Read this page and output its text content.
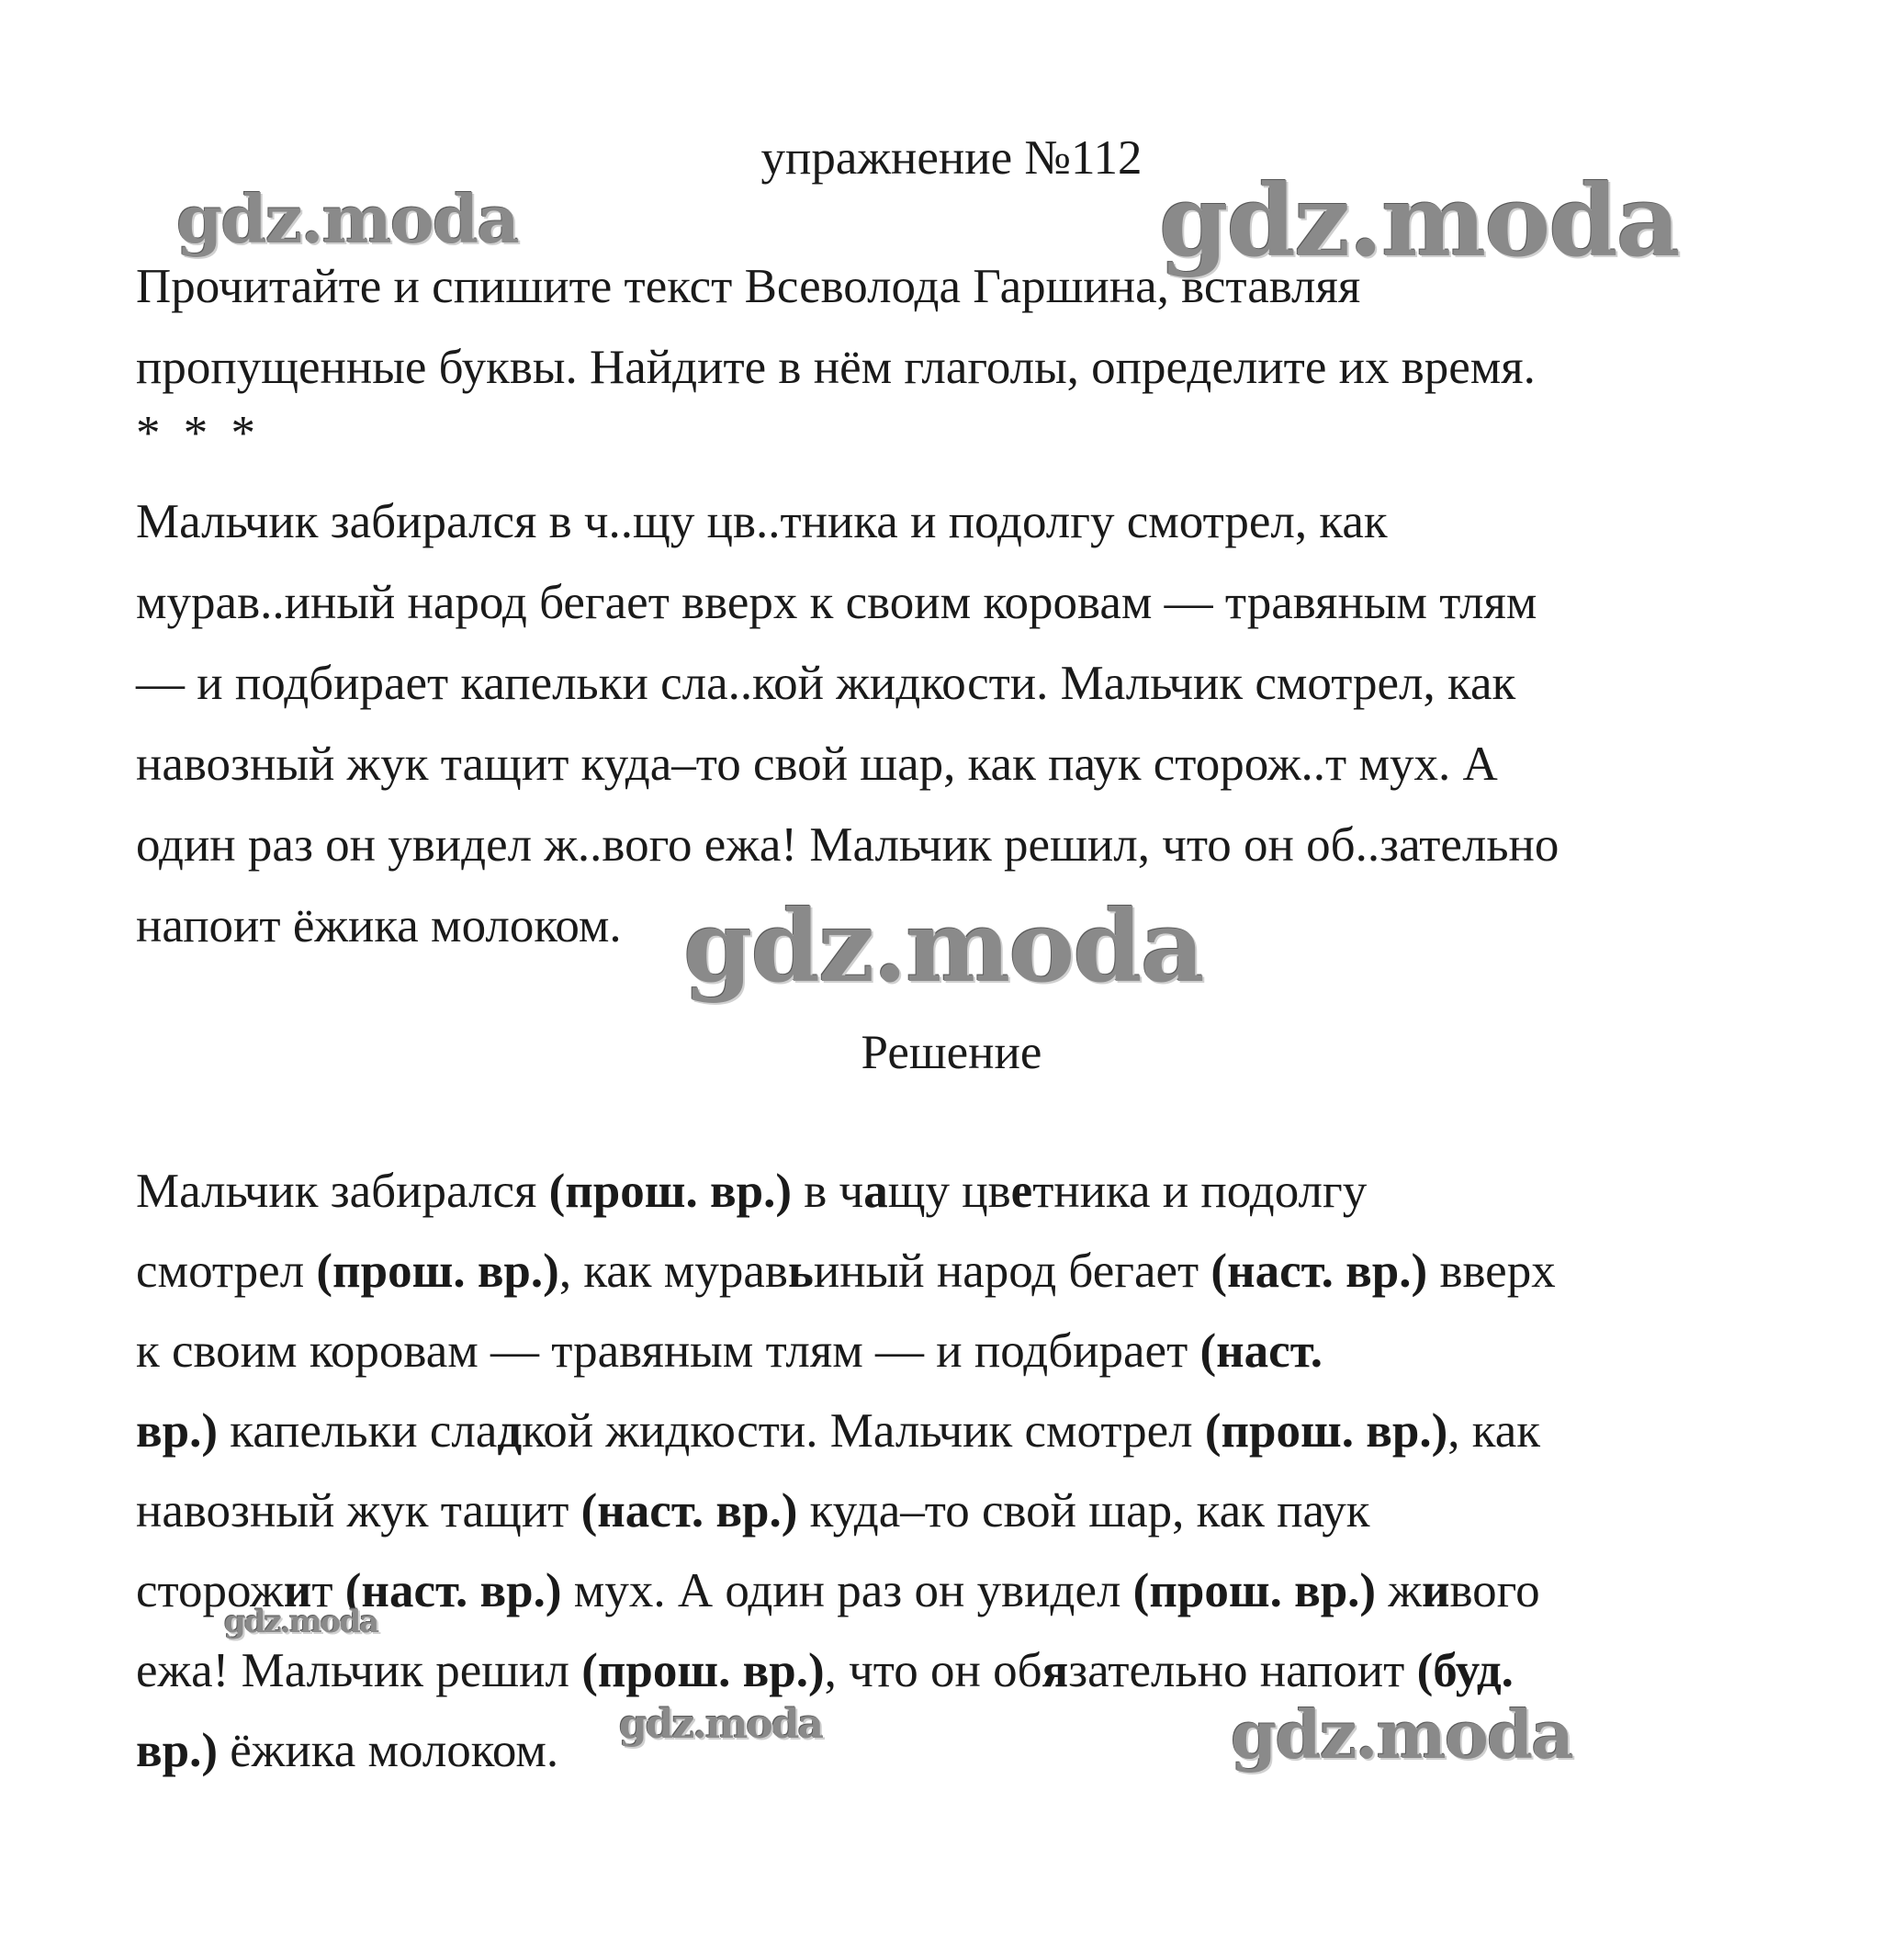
упражнение №112
Прочитайте и спишите текст Всеволода Гаршина, вставляя
пропущенные буквы. Найдите в нём глаголы, определите их время.
* * *
Мальчик забирался в ч..щу цв..тника и подолгу смотрел, как
мурав..иный народ бегает вверх к своим коровам — травяным тлям
— и подбирает капельки сла..кой жидкости. Мальчик смотрел, как
навозный жук тащит куда–то свой шар, как паук сторож..т мух. А
один раз он увидел ж..вого ежа! Мальчик решил, что он об..зательно
напоит ёжика молоком.
Решение
Мальчик забирался (прош. вр.) в чащу цветника и подолгу
смотрел (прош. вр.), как муравьиный народ бегает (наст. вр.) вверх
к своим коровам — травяным тлям — и подбирает (наст.
вр.) капельки сладкой жидкости. Мальчик смотрел (прош. вр.), как
навозный жук тащит (наст. вр.) куда–то свой шар, как паук
сторожит (наст. вр.) мух. А один раз он увидел (прош. вр.) живого
ежа! Мальчик решил (прош. вр.), что он обязательно напоит (буд.
вр.) ёжика молоком.
gdz.moda	gdz.moda
gdz.moda
gdz.moda
gdz.moda	gdz.moda
